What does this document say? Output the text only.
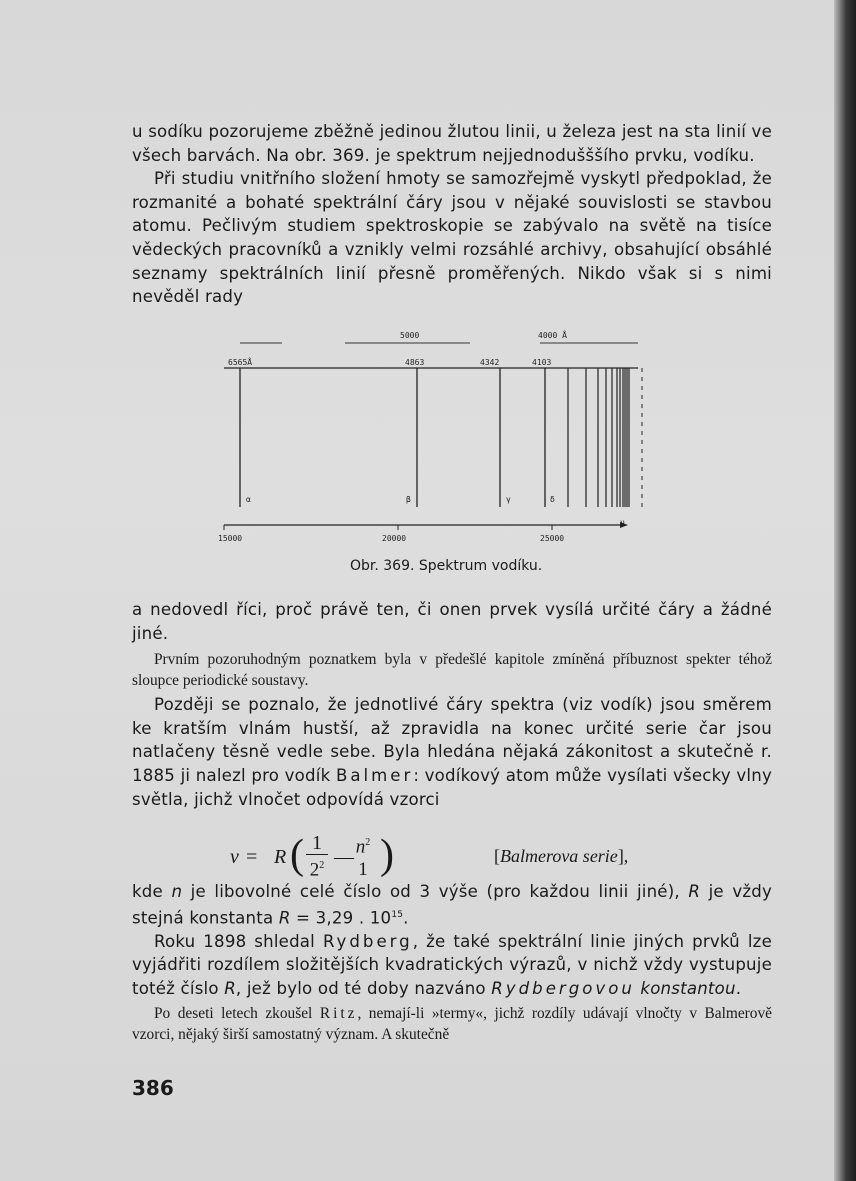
u sodíku pozorujeme zběžně jedinou žlutou linii, u železa jest na sta linií ve všech barvách. Na obr. 369. je spektrum nejjednodušššího prvku, vodíku.

Při studiu vnitřního složení hmoty se samozřejmě vyskytl předpoklad, že rozmanité a bohaté spektrální čáry jsou v nějaké souvislosti se stavbou atomu. Pečlivým studiem spektroskopie se zabývalo na světě na tisíce vědeckých pracovníků a vznikly velmi rozsáhlé archivy, obsahující obsáhlé seznamy spektrálních linií přesně proměřených. Nikdo však si s nimi nevěděl rady

5000	4000 Å
6565Å	4863	4342	4103
α	β	γ	δ
ν
15000	20000	25000
Obr. 369. Spektrum vodíku.

a nedovedl říci, proč právě ten, či onen prvek vysílá určité čáry a žádné jiné.

Prvním pozoruhodným poznatkem byla v předešlé kapitole zmíněná příbuznost spekter téhož sloupce periodické soustavy.

Později se poznalo, že jednotlivé čáry spektra (viz vodík) jsou směrem ke kratším vlnám hustší, až zpravidla na konec určité serie čar jsou natlačeny těsně vedle sebe. Byla hledána nějaká zákonitost a skutečně r. 1885 ji nalezl pro vodík Balmer: vodíkový atom může vysílati všecky vlny světla, jichž vlnočet odpovídá vzorci

ν = R ( 1
$2^2$ — $n^2$
1 )	[Balmerova serie],

kde n je libovolné celé číslo od 3 výše (pro každou linii jiné), R je vždy stejná konstanta R = 3,29 . $10^{15}$.

Roku 1898 shledal Rydberg, že také spektrální linie jiných prvků lze vyjádřiti rozdílem složitějších kvadratických výrazů, v nichž vždy vystupuje totéž číslo R, jež bylo od té doby nazváno Rydbergovou konstantou.

Po deseti letech zkoušel Ritz, nemají-li »termy«, jichž rozdíly udávají vlnočty v Balmerově vzorci, nějaký širší samostatný význam. A skutečně

386
